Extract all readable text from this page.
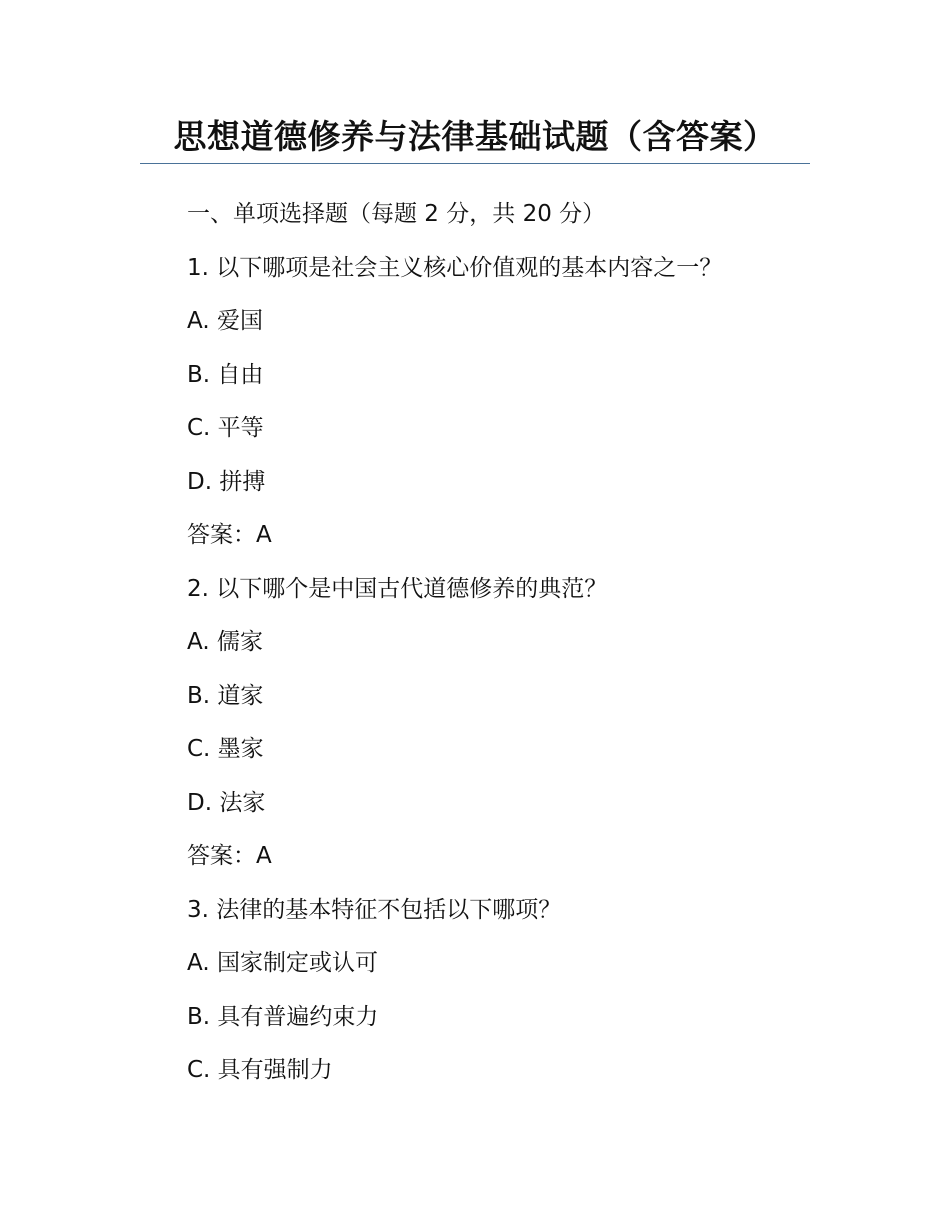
思想道德修养与法律基础试题（含答案）
一、单项选择题（每题 2 分，共 20 分）
1. 以下哪项是社会主义核心价值观的基本内容之一？
A. 爱国
B. 自由
C. 平等
D. 拼搏
答案：A
2. 以下哪个是中国古代道德修养的典范？
A. 儒家
B. 道家
C. 墨家
D. 法家
答案：A
3. 法律的基本特征不包括以下哪项？
A. 国家制定或认可
B. 具有普遍约束力
C. 具有强制力
